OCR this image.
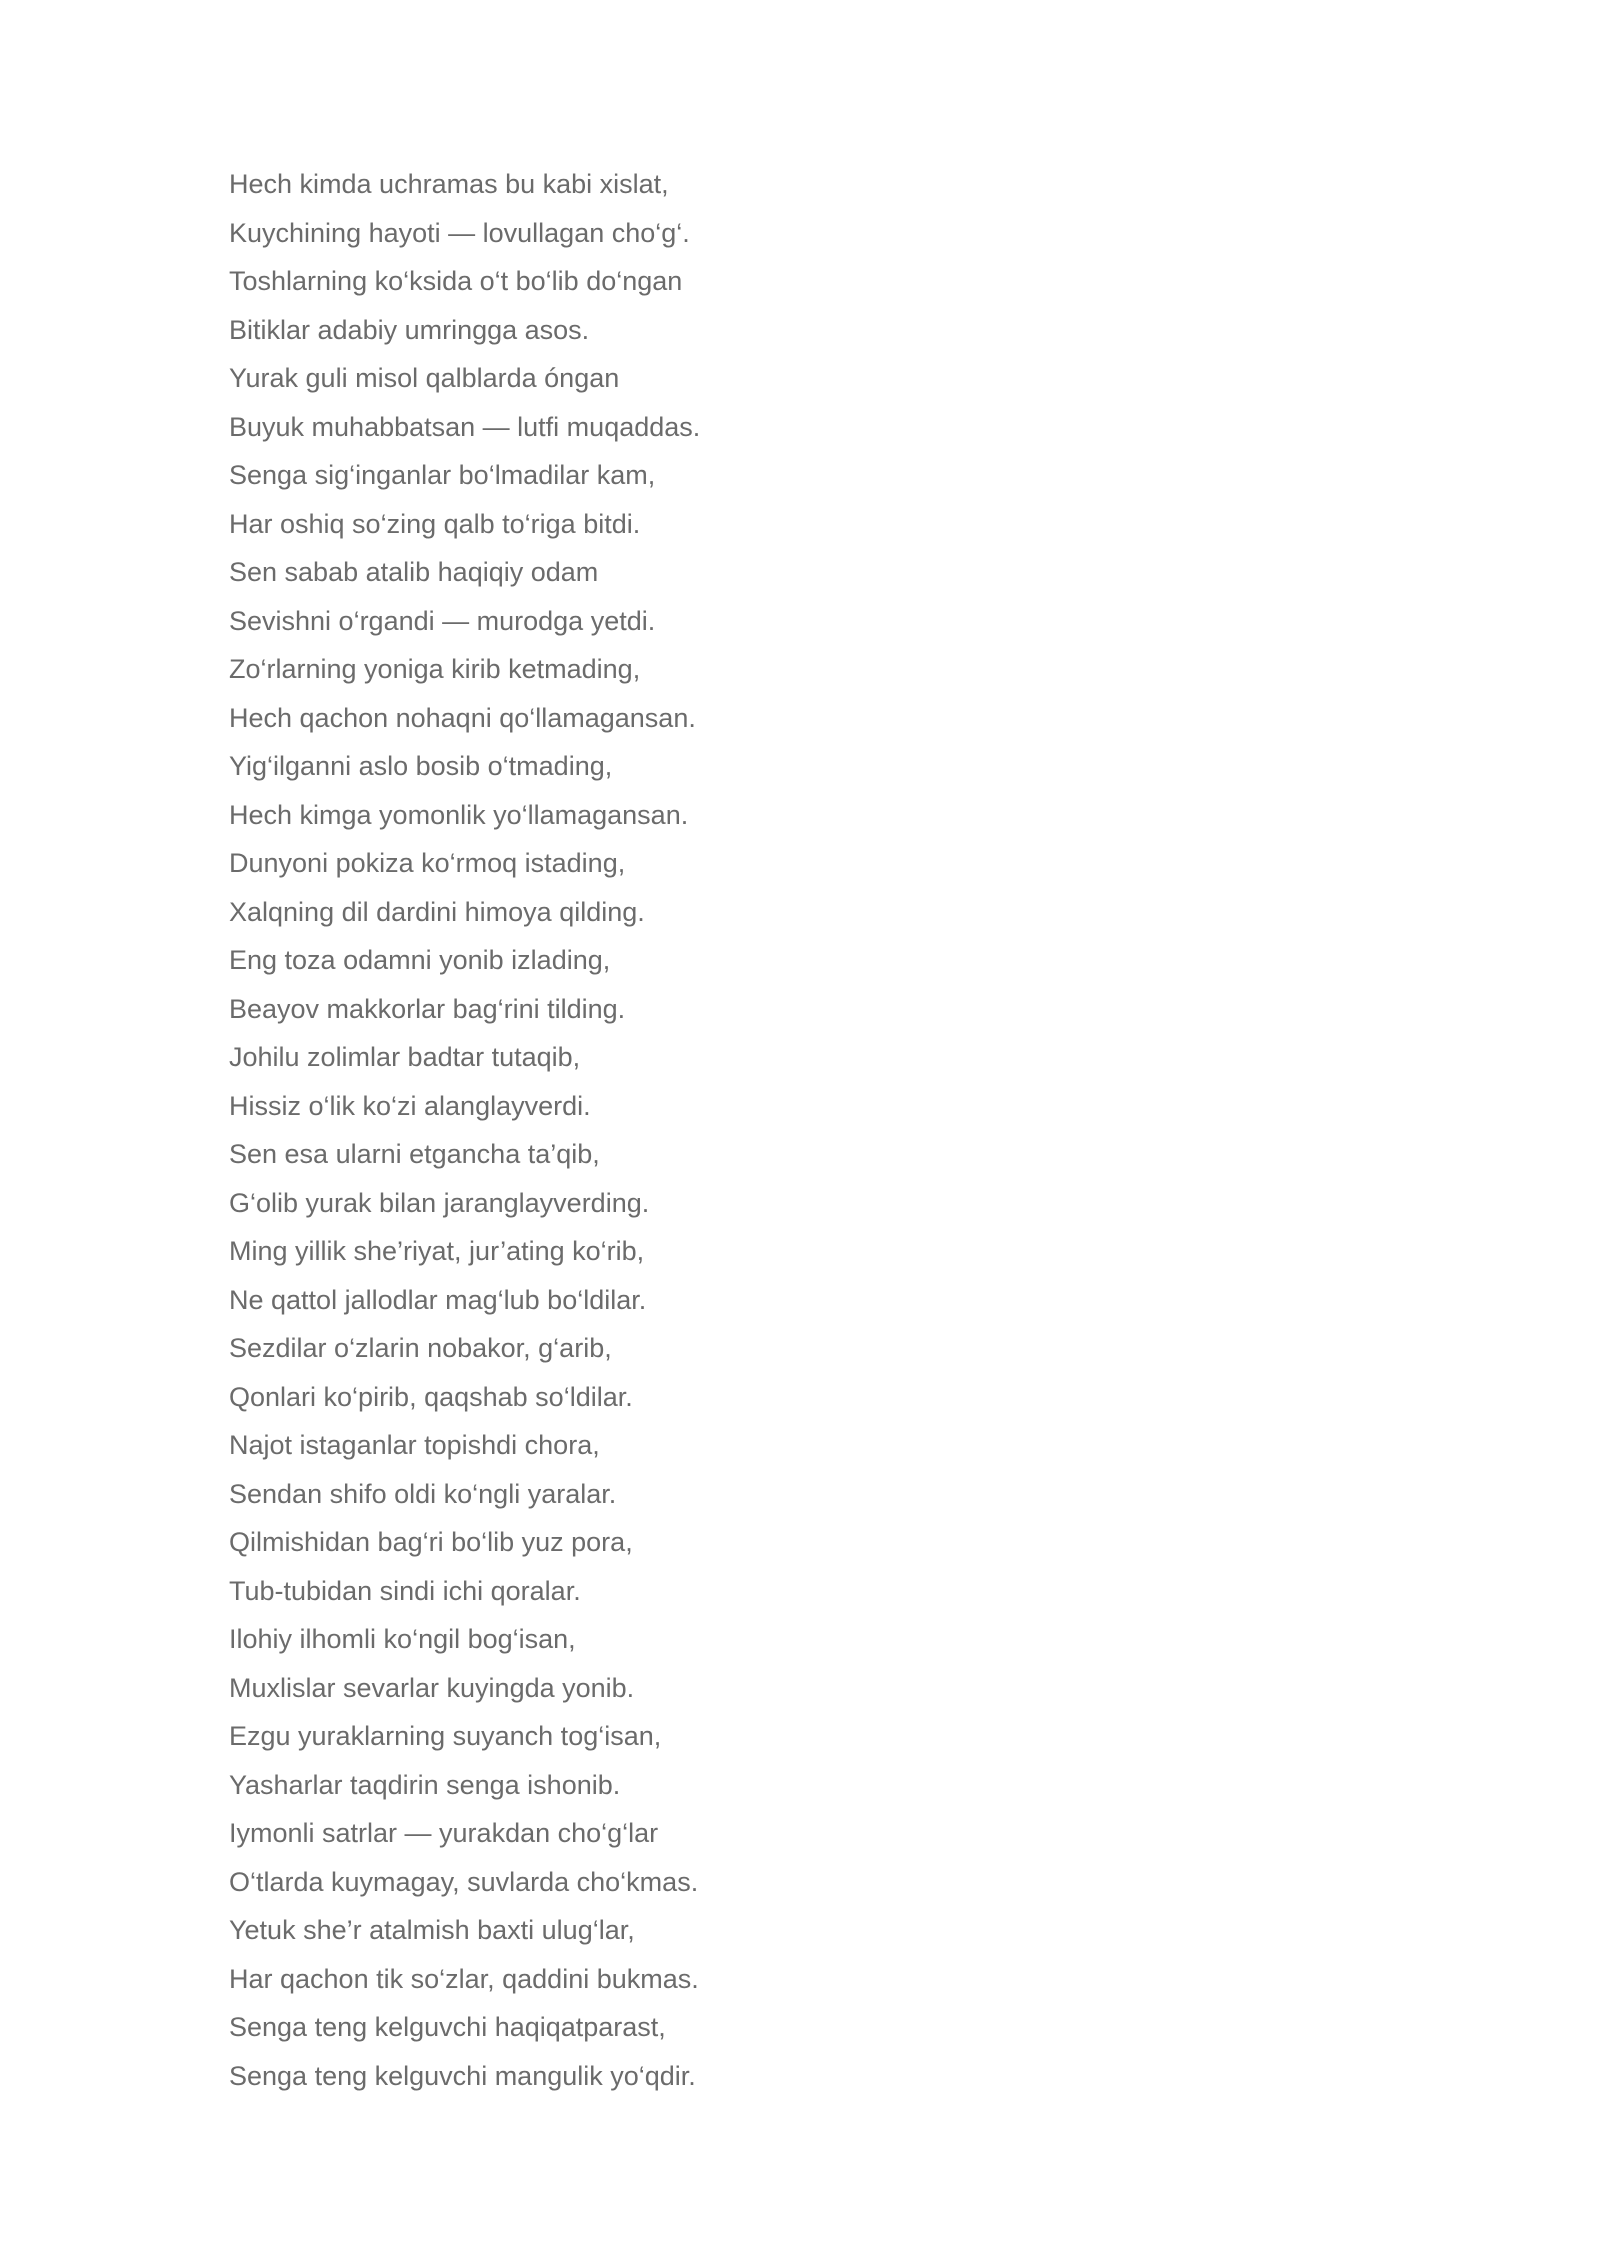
Hech kimda uchramas bu kabi xislat,
Kuychining hayoti — lovullagan cho‘g‘.
Toshlarning ko‘ksida o‘t bo‘lib do‘ngan
Bitiklar adabiy umringga asos.
Yurak guli misol qalblarda óngan
Buyuk muhabbatsan — lutfi muqaddas.
Senga sig‘inganlar bo‘lmadilar kam,
Har oshiq so‘zing qalb to‘riga bitdi.
Sen sabab atalib haqiqiy odam
Sevishni o‘rgandi — murodga yetdi.
Zo‘rlarning yoniga kirib ketmading,
Hech qachon nohaqni qo‘llamagansan.
Yig‘ilganni aslo bosib o‘tmading,
Hech kimga yomonlik yo‘llamagansan.
Dunyoni pokiza ko‘rmoq istading,
Xalqning dil dardini himoya qilding.
Eng toza odamni yonib izlading,
Beayov makkorlar bag‘rini tilding.
Johilu zolimlar badtar tutaqib,
Hissiz o‘lik ko‘zi alanglayverdi.
Sen esa ularni etgancha ta’qib,
G‘olib yurak bilan jaranglayverding.
Ming yillik she’riyat, jur’ating ko‘rib,
Ne qattol jallodlar mag‘lub bo‘ldilar.
Sezdilar o‘zlarin nobakor, g‘arib,
Qonlari ko‘pirib, qaqshab so‘ldilar.
Najot istaganlar topishdi chora,
Sendan shifo oldi ko‘ngli yaralar.
Qilmishidan bag‘ri bo‘lib yuz pora,
Tub-tubidan sindi ichi qoralar.
Ilohiy ilhomli ko‘ngil bog‘isan,
Muxlislar sevarlar kuyingda yonib.
Ezgu yuraklarning suyanch tog‘isan,
Yasharlar taqdirin senga ishonib.
Iymonli satrlar — yurakdan cho‘g‘lar
O‘tlarda kuymagay, suvlarda cho‘kmas.
Yetuk she’r atalmish baxti ulug‘lar,
Har qachon tik so‘zlar, qaddini bukmas.
Senga teng kelguvchi haqiqatparast,
Senga teng kelguvchi mangulik yo‘qdir.
